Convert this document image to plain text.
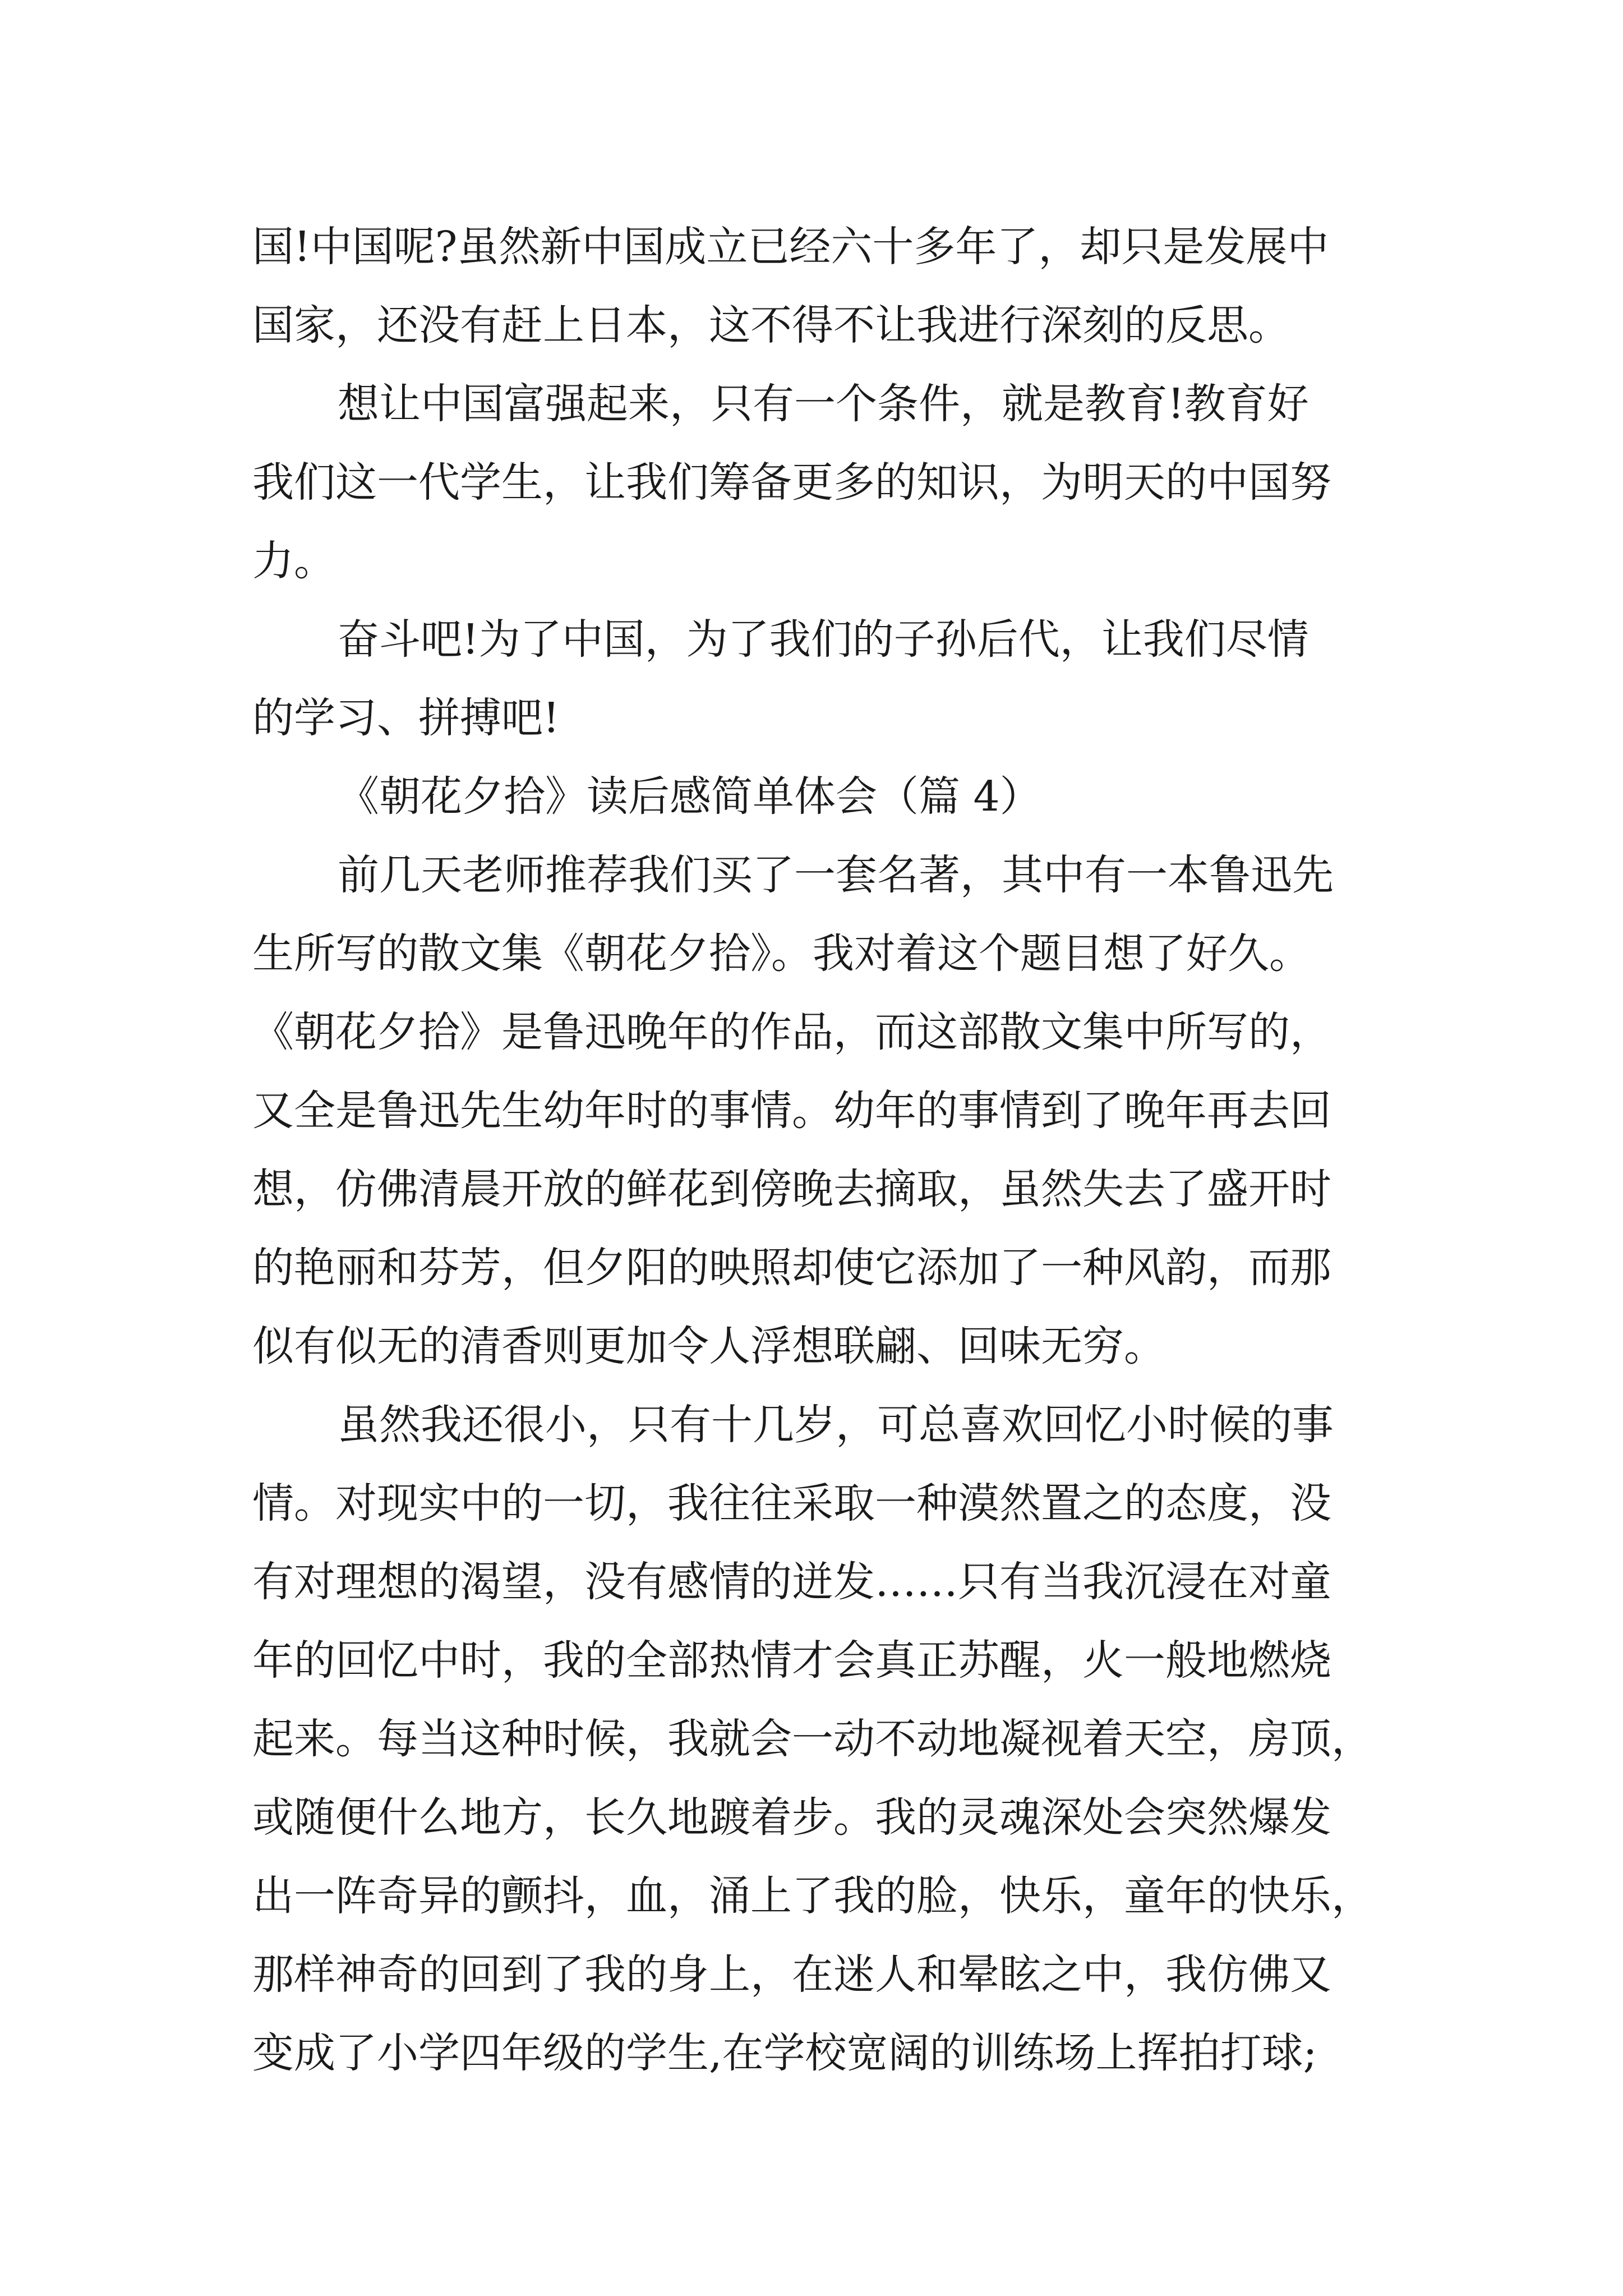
国!中国呢?虽然新中国成立已经六十多年了，却只是发展中
国家，还没有赶上日本，这不得不让我进行深刻的反思。
想让中国富强起来，只有一个条件，就是教育!教育好
我们这一代学生，让我们筹备更多的知识，为明天的中国努
力。
奋斗吧!为了中国，为了我们的子孙后代，让我们尽情
的学习、拼搏吧!
《朝花夕拾》读后感简单体会（篇 4）
前几天老师推荐我们买了一套名著，其中有一本鲁迅先
生所写的散文集《朝花夕拾》。我对着这个题目想了好久。
《朝花夕拾》是鲁迅晚年的作品，而这部散文集中所写的，
又全是鲁迅先生幼年时的事情。幼年的事情到了晚年再去回
想，仿佛清晨开放的鲜花到傍晚去摘取，虽然失去了盛开时
的艳丽和芬芳，但夕阳的映照却使它添加了一种风韵，而那
似有似无的清香则更加令人浮想联翩、回味无穷。
虽然我还很小，只有十几岁，可总喜欢回忆小时候的事
情。对现实中的一切，我往往采取一种漠然置之的态度，没
有对理想的渴望，没有感情的迸发……只有当我沉浸在对童
年的回忆中时，我的全部热情才会真正苏醒，火一般地燃烧
起来。每当这种时候，我就会一动不动地凝视着天空，房顶，
或随便什么地方，长久地踱着步。我的灵魂深处会突然爆发
出一阵奇异的颤抖，血，涌上了我的脸，快乐，童年的快乐，
那样神奇的回到了我的身上，在迷人和晕眩之中，我仿佛又
变成了小学四年级的学生,在学校宽阔的训练场上挥拍打球;
